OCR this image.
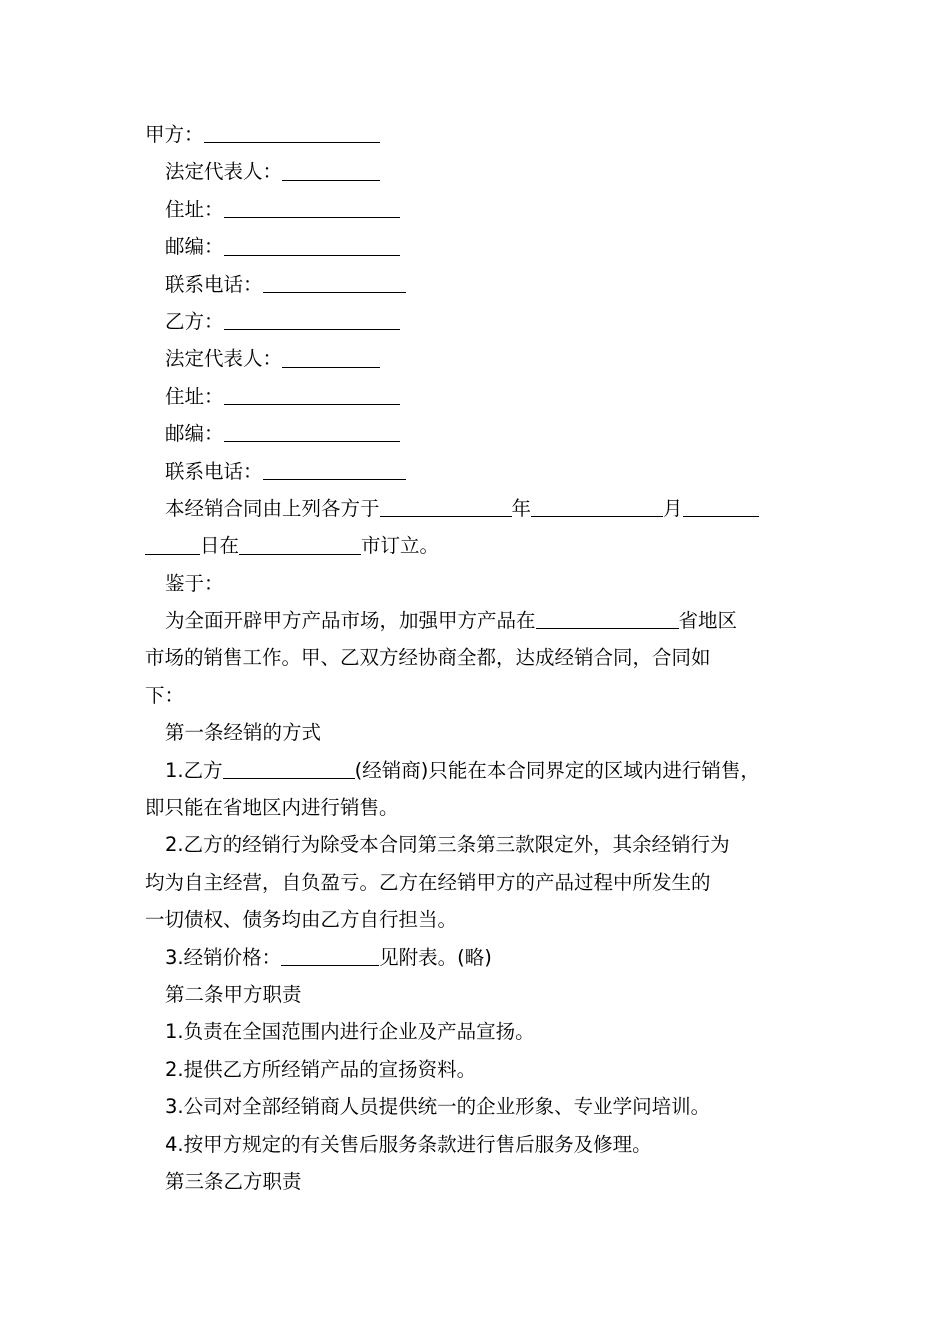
甲方：
法定代表人：
住址：
邮编：
联系电话：
乙方：
法定代表人：
住址：
邮编：
联系电话：
本经销合同由上列各方于	年	月
日在	市订立。
鉴于：
为全面开辟甲方产品市场，加强甲方产品在	省地区
市场的销售工作。甲、乙双方经协商全都，达成经销合同，合同如
下：
第一条经销的方式
1.乙方	(经销商)只能在本合同界定的区域内进行销售，
即只能在省地区内进行销售。
2.乙方的经销行为除受本合同第三条第三款限定外，其余经销行为
均为自主经营，自负盈亏。乙方在经销甲方的产品过程中所发生的
一切债权、债务均由乙方自行担当。
3.经销价格：	见附表。(略)
第二条甲方职责
1.负责在全国范围内进行企业及产品宣扬。
2.提供乙方所经销产品的宣扬资料。
3.公司对全部经销商人员提供统一的企业形象、专业学问培训。
4.按甲方规定的有关售后服务条款进行售后服务及修理。
第三条乙方职责
